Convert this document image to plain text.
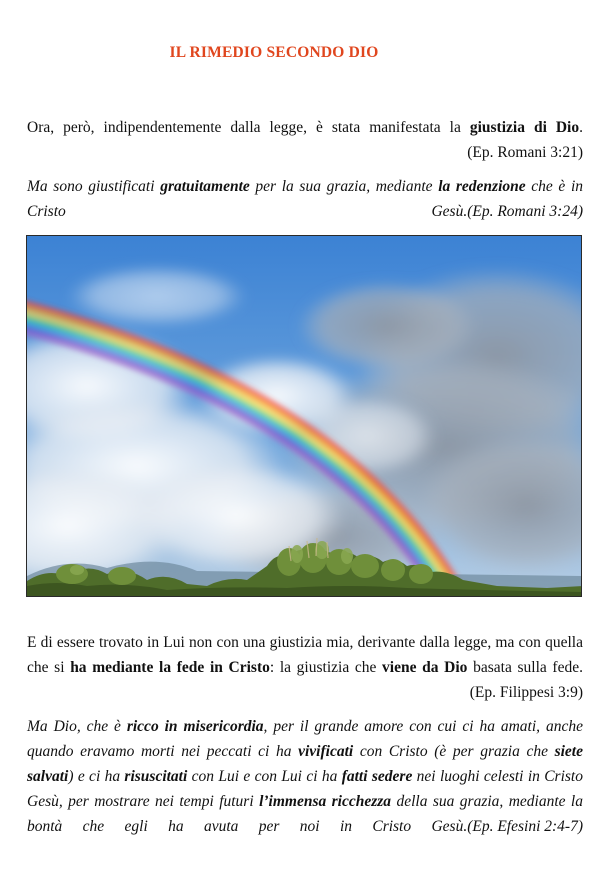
IL RIMEDIO SECONDO DIO
Ora, però, indipendentemente dalla legge, è stata manifestata la giustizia di Dio.
(Ep. Romani 3:21)
Ma sono giustificati gratuitamente per la sua grazia, mediante la redenzione che è in Cristo Gesù. (Ep. Romani 3:24)
E di essere trovato in Lui non con una giustizia mia, derivante dalla legge, ma con quella che si ha mediante la fede in Cristo: la giustizia che viene da Dio basata sulla fede.
(Ep. Filippesi 3:9)
Ma Dio, che è ricco in misericordia, per il grande amore con cui ci ha amati, anche quando eravamo morti nei peccati ci ha vivificati con Cristo (è per grazia che siete salvati) e ci ha risuscitati con Lui e con Lui ci ha fatti sedere nei luoghi celesti in Cristo Gesù, per mostrare nei tempi futuri l’immensa ricchezza della sua grazia, mediante la bontà che egli ha avuta per noi in Cristo Gesù. (Ep. Efesini 2:4-7)
